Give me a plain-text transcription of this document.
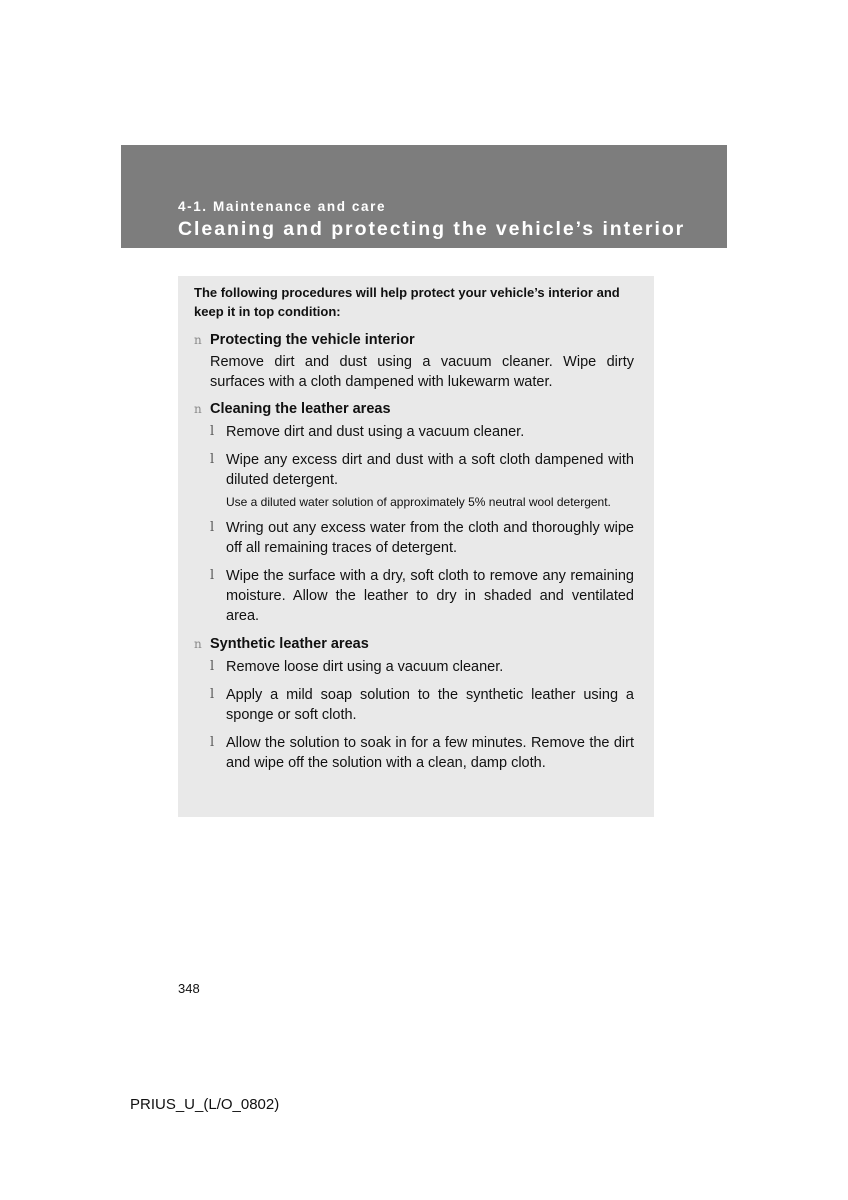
4-1. Maintenance and care
Cleaning and protecting the vehicle’s interior

The following procedures will help protect your vehicle’s interior and keep it in top condition:

n Protecting the vehicle interior
Remove dirt and dust using a vacuum cleaner. Wipe dirty surfaces with a cloth dampened with lukewarm water.
n Cleaning the leather areas
l Remove dirt and dust using a vacuum cleaner.
l Wipe any excess dirt and dust with a soft cloth dampened with diluted detergent.
Use a diluted water solution of approximately 5% neutral wool detergent.
l Wring out any excess water from the cloth and thoroughly wipe off all remaining traces of detergent.
l Wipe the surface with a dry, soft cloth to remove any remaining moisture. Allow the leather to dry in shaded and ventilated area.
n Synthetic leather areas
l Remove loose dirt using a vacuum cleaner.
l Apply a mild soap solution to the synthetic leather using a sponge or soft cloth.
l Allow the solution to soak in for a few minutes. Remove the dirt and wipe off the solution with a clean, damp cloth.
348
PRIUS_U_(L/O_0802)
